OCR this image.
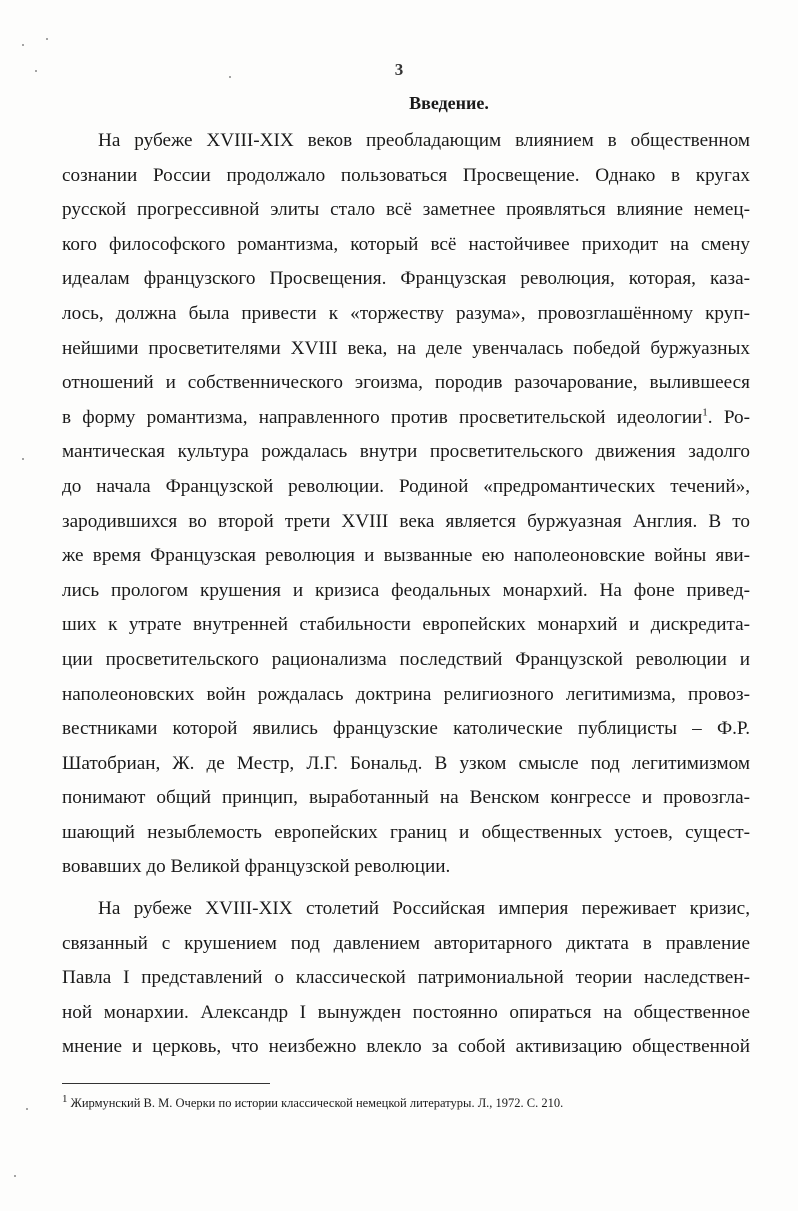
3
Введение.
На рубеже XVIII-XIX веков преобладающим влиянием в общественном
сознании России продолжало пользоваться Просвещение. Однако в кругах
русской прогрессивной элиты стало всё заметнее проявляться влияние немец-
кого философского романтизма, который всё настойчивее приходит на смену
идеалам французского Просвещения. Французская революция, которая, каза-
лось, должна была привести к «торжеству разума», провозглашённому круп-
нейшими просветителями XVIII века, на деле увенчалась победой буржуазных
отношений и собственнического эгоизма, породив разочарование, вылившееся
в форму романтизма, направленного против просветительской идеологии$^1$. Ро-
мантическая культура рождалась внутри просветительского движения задолго
до начала Французской революции. Родиной «предромантических течений»,
зародившихся во второй трети XVIII века является буржуазная Англия. В то
же время Французская революция и вызванные ею наполеоновские войны яви-
лись прологом крушения и кризиса феодальных монархий. На фоне привед-
ших к утрате внутренней стабильности европейских монархий и дискредита-
ции просветительского рационализма последствий Французской революции и
наполеоновских войн рождалась доктрина религиозного легитимизма, провоз-
вестниками которой явились французские католические публицисты – Ф.Р.
Шатобриан, Ж. де Местр, Л.Г. Бональд. В узком смысле под легитимизмом
понимают общий принцип, выработанный на Венском конгрессе и провозгла-
шающий незыблемость европейских границ и общественных устоев, сущест-
вовавших до Великой французской революции.
На рубеже XVIII-XIX столетий Российская империя переживает кризис,
связанный с крушением под давлением авторитарного диктата в правление
Павла I представлений о классической патримониальной теории наследствен-
ной монархии. Александр I вынужден постоянно опираться на общественное
мнение и церковь, что неизбежно влекло за собой активизацию общественной
$^1$ Жирмунский В. М. Очерки по истории классической немецкой литературы. Л., 1972. С. 210.
